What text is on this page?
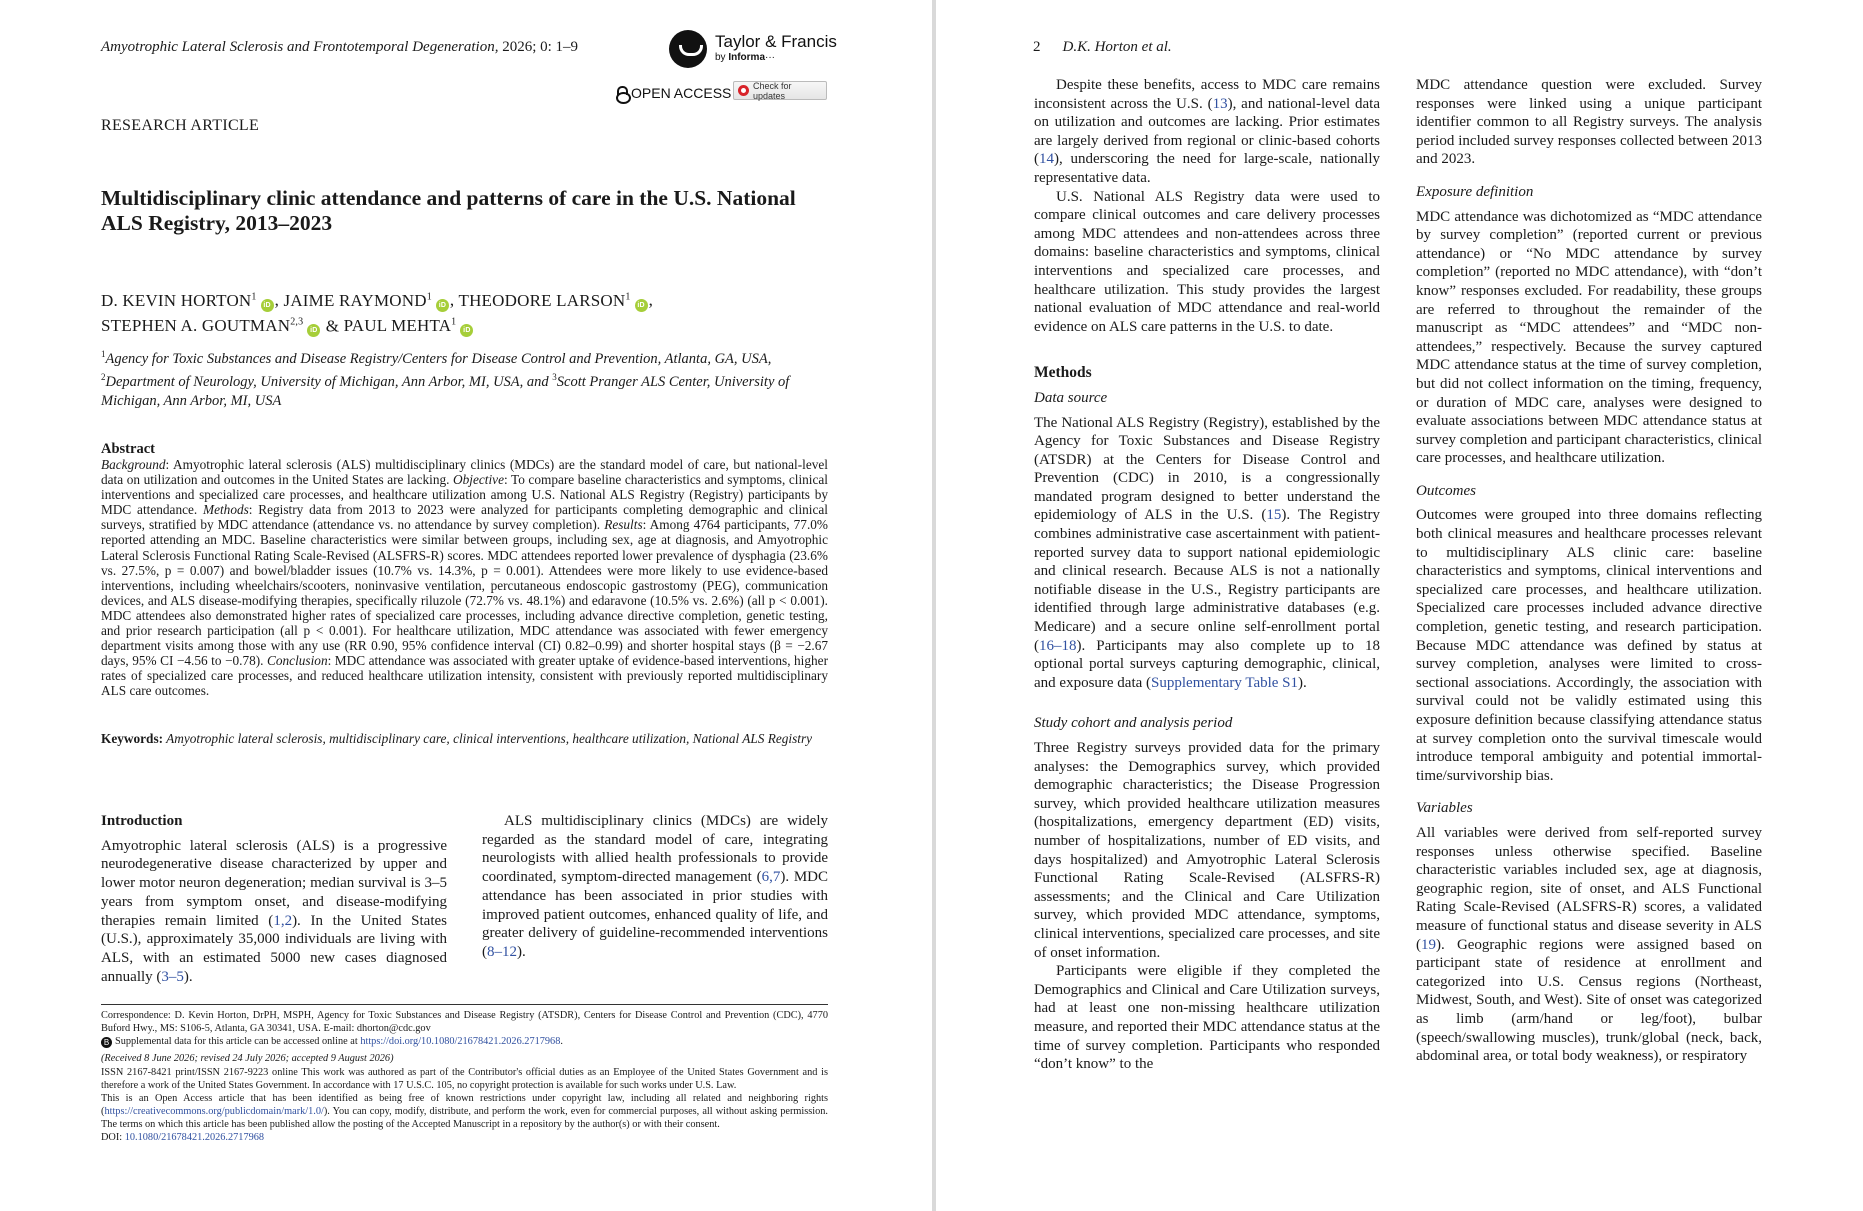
Amyotrophic Lateral Sclerosis and Frontotemporal Degeneration, 2026; 0: 1–9	Taylor & Francis
by Informa···
OPEN ACCESS Check for updates
RESEARCH ARTICLE
Multidisciplinary clinic attendance and patterns of care in the U.S. National ALS Registry, 2013–2023
D. KEVIN HORTON$^1$iD , JAIME RAYMOND$^1$iD , THEODORE LARSON$^1$iD ,
STEPHEN A. GOUTMAN$^{2,3}$iD & PAUL MEHTA$^1$iD
$^1$Agency for Toxic Substances and Disease Registry/Centers for Disease Control and Prevention, Atlanta, GA, USA, $^2$Department of Neurology, University of Michigan, Ann Arbor, MI, USA, and $^3$Scott Pranger ALS Center, University of Michigan, Ann Arbor, MI, USA
Abstract
Background: Amyotrophic lateral sclerosis (ALS) multidisciplinary clinics (MDCs) are the standard model of care, but national-level data on utilization and outcomes in the United States are lacking. Objective: To compare baseline characteristics and symptoms, clinical interventions and specialized care processes, and healthcare utilization among U.S. National ALS Registry (Registry) participants by MDC attendance. Methods: Registry data from 2013 to 2023 were analyzed for participants completing demographic and clinical surveys, stratified by MDC attendance (attendance vs. no attendance by survey completion). Results: Among 4764 participants, 77.0% reported attending an MDC. Baseline characteristics were similar between groups, including sex, age at diagnosis, and Amyotrophic Lateral Sclerosis Functional Rating Scale-Revised (ALSFRS-R) scores. MDC attendees reported lower prevalence of dysphagia (23.6% vs. 27.5%, p = 0.007) and bowel/bladder issues (10.7% vs. 14.3%, p = 0.001). Attendees were more likely to use evidence-based interventions, including wheelchairs/scooters, noninvasive ventilation, percutaneous endoscopic gastrostomy (PEG), communication devices, and ALS disease-modifying therapies, specifically riluzole (72.7% vs. 48.1%) and edaravone (10.5% vs. 2.6%) (all p < 0.001). MDC attendees also demonstrated higher rates of specialized care processes, including advance directive completion, genetic testing, and prior research participation (all p < 0.001). For healthcare utilization, MDC attendance was associated with fewer emergency department visits among those with any use (RR 0.90, 95% confidence interval (CI) 0.82–0.99) and shorter hospital stays (β = −2.67 days, 95% CI −4.56 to −0.78). Conclusion: MDC attendance was associated with greater uptake of evidence-based interventions, higher rates of specialized care processes, and reduced healthcare utilization intensity, consistent with previously reported multidisciplinary ALS care outcomes.
Keywords: Amyotrophic lateral sclerosis, multidisciplinary care, clinical interventions, healthcare utilization, National ALS Registry
Introduction

Amyotrophic lateral sclerosis (ALS) is a progressive neurodegenerative disease characterized by upper and lower motor neuron degeneration; median survival is 3–5 years from symptom onset, and disease-modifying therapies remain limited (1,2). In the United States (U.S.), approximately 35,000 individuals are living with ALS, with an estimated 5000 new cases diagnosed annually (3–5).

ALS multidisciplinary clinics (MDCs) are widely regarded as the standard model of care, integrating neurologists with allied health professionals to provide coordinated, symptom-directed management (6,7). MDC attendance has been associated in prior studies with improved patient outcomes, enhanced quality of life, and greater delivery of guideline-recommended interventions (8–12).

Correspondence: D. Kevin Horton, DrPH, MSPH, Agency for Toxic Substances and Disease Registry (ATSDR), Centers for Disease Control and Prevention (CDC), 4770 Buford Hwy., MS: S106-5, Atlanta, GA 30341, USA. E-mail: dhorton@cdc.gov

B Supplemental data for this article can be accessed online at https://doi.org/10.1080/21678421.2026.2717968.

(Received 8 June 2026; revised 24 July 2026; accepted 9 August 2026)

ISSN 2167-8421 print/ISSN 2167-9223 online This work was authored as part of the Contributor's official duties as an Employee of the United States Government and is therefore a work of the United States Government. In accordance with 17 U.S.C. 105, no copyright protection is available for such works under U.S. Law.

This is an Open Access article that has been identified as being free of known restrictions under copyright law, including all related and neighboring rights (https://creativecommons.org/publicdomain/mark/1.0/). You can copy, modify, distribute, and perform the work, even for commercial purposes, all without asking permission. The terms on which this article has been published allow the posting of the Accepted Manuscript in a repository by the author(s) or with their consent.

DOI: 10.1080/21678421.2026.2717968

2 D.K. Horton et al.

Despite these benefits, access to MDC care remains inconsistent across the U.S. (13), and national-level data on utilization and outcomes are lacking. Prior estimates are largely derived from regional or clinic-based cohorts (14), underscoring the need for large-scale, nationally representative data.

U.S. National ALS Registry data were used to compare clinical outcomes and care delivery processes among MDC attendees and non-attendees across three domains: baseline characteristics and symptoms, clinical interventions and specialized care processes, and healthcare utilization. This study provides the largest national evaluation of MDC attendance and real-world evidence on ALS care patterns in the U.S. to date.

Methods
Data source

The National ALS Registry (Registry), established by the Agency for Toxic Substances and Disease Registry (ATSDR) at the Centers for Disease Control and Prevention (CDC) in 2010, is a congressionally mandated program designed to better understand the epidemiology of ALS in the U.S. (15). The Registry combines administrative case ascertainment with patient-reported survey data to support national epidemiologic and clinical research. Because ALS is not a nationally notifiable disease in the U.S., Registry participants are identified through large administrative databases (e.g. Medicare) and a secure online self-enrollment portal (16–18). Participants may also complete up to 18 optional portal surveys capturing demographic, clinical, and exposure data (Supplementary Table S1).

Study cohort and analysis period

Three Registry surveys provided data for the primary analyses: the Demographics survey, which provided demographic characteristics; the Disease Progression survey, which provided healthcare utilization measures (hospitalizations, emergency department (ED) visits, number of hospitalizations, number of ED visits, and days hospitalized) and Amyotrophic Lateral Sclerosis Functional Rating Scale-Revised (ALSFRS-R) assessments; and the Clinical and Care Utilization survey, which provided MDC attendance, symptoms, clinical interventions, specialized care processes, and site of onset information.

Participants were eligible if they completed the Demographics and Clinical and Care Utilization surveys, had at least one non-missing healthcare utilization measure, and reported their MDC attendance status at the time of survey completion. Participants who responded “don’t know” to the

MDC attendance question were excluded. Survey responses were linked using a unique participant identifier common to all Registry surveys. The analysis period included survey responses collected between 2013 and 2023.

Exposure definition

MDC attendance was dichotomized as “MDC attendance by survey completion” (reported current or previous attendance) or “No MDC attendance by survey completion” (reported no MDC attendance), with “don’t know” responses excluded. For readability, these groups are referred to throughout the remainder of the manuscript as “MDC attendees” and “MDC non-attendees,” respectively. Because the survey captured MDC attendance status at the time of survey completion, but did not collect information on the timing, frequency, or duration of MDC care, analyses were designed to evaluate associations between MDC attendance status at survey completion and participant characteristics, clinical care processes, and healthcare utilization.

Outcomes

Outcomes were grouped into three domains reflecting both clinical measures and healthcare processes relevant to multidisciplinary ALS clinic care: baseline characteristics and symptoms, clinical interventions and specialized care processes, and healthcare utilization. Specialized care processes included advance directive completion, genetic testing, and research participation. Because MDC attendance was defined by status at survey completion, analyses were limited to cross-sectional associations. Accordingly, the association with survival could not be validly estimated using this exposure definition because classifying attendance status at survey completion onto the survival timescale would introduce temporal ambiguity and potential immortal-time/survivorship bias.

Variables

All variables were derived from self-reported survey responses unless otherwise specified. Baseline characteristic variables included sex, age at diagnosis, geographic region, site of onset, and ALS Functional Rating Scale-Revised (ALSFRS-R) scores, a validated measure of functional status and disease severity in ALS (19). Geographic regions were assigned based on participant state of residence at enrollment and categorized into U.S. Census regions (Northeast, Midwest, South, and West). Site of onset was categorized as limb (arm/hand or leg/foot), bulbar (speech/swallowing muscles), trunk/global (neck, back, abdominal area, or total body weakness), or respiratory
